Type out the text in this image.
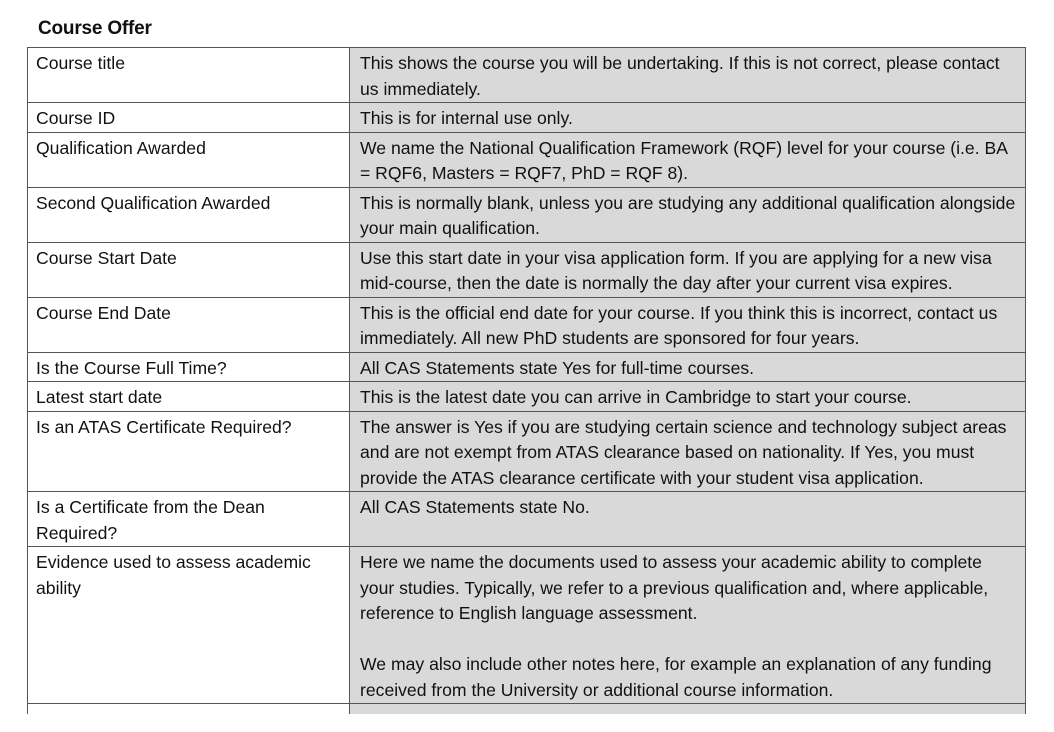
Course Offer
Course title	This shows the course you will be undertaking. If this is not correct, please contact us immediately.

Course ID	This is for internal use only.

Qualification Awarded	We name the National Qualification Framework (RQF) level for your course (i.e. BA = RQF6, Masters = RQF7, PhD = RQF 8).

Second Qualification Awarded	This is normally blank, unless you are studying any additional qualification alongside your main qualification.

Course Start Date	Use this start date in your visa application form. If you are applying for a new visa mid-course, then the date is normally the day after your current visa expires.

Course End Date	This is the official end date for your course. If you think this is incorrect, contact us immediately. All new PhD students are sponsored for four years.

Is the Course Full Time?	All CAS Statements state Yes for full-time courses.

Latest start date	This is the latest date you can arrive in Cambridge to start your course.

Is an ATAS Certificate Required?	The answer is Yes if you are studying certain science and technology subject areas and are not exempt from ATAS clearance based on nationality. If Yes, you must provide the ATAS clearance certificate with your student visa application.

Is a Certificate from the Dean Required?	All CAS Statements state No.

Evidence used to assess academic ability	Here we name the documents used to assess your academic ability to complete your studies. Typically, we refer to a previous qualification and, where applicable, reference to English language assessment.
We may also include other notes here, for example an explanation of any funding received from the University or additional course information.
